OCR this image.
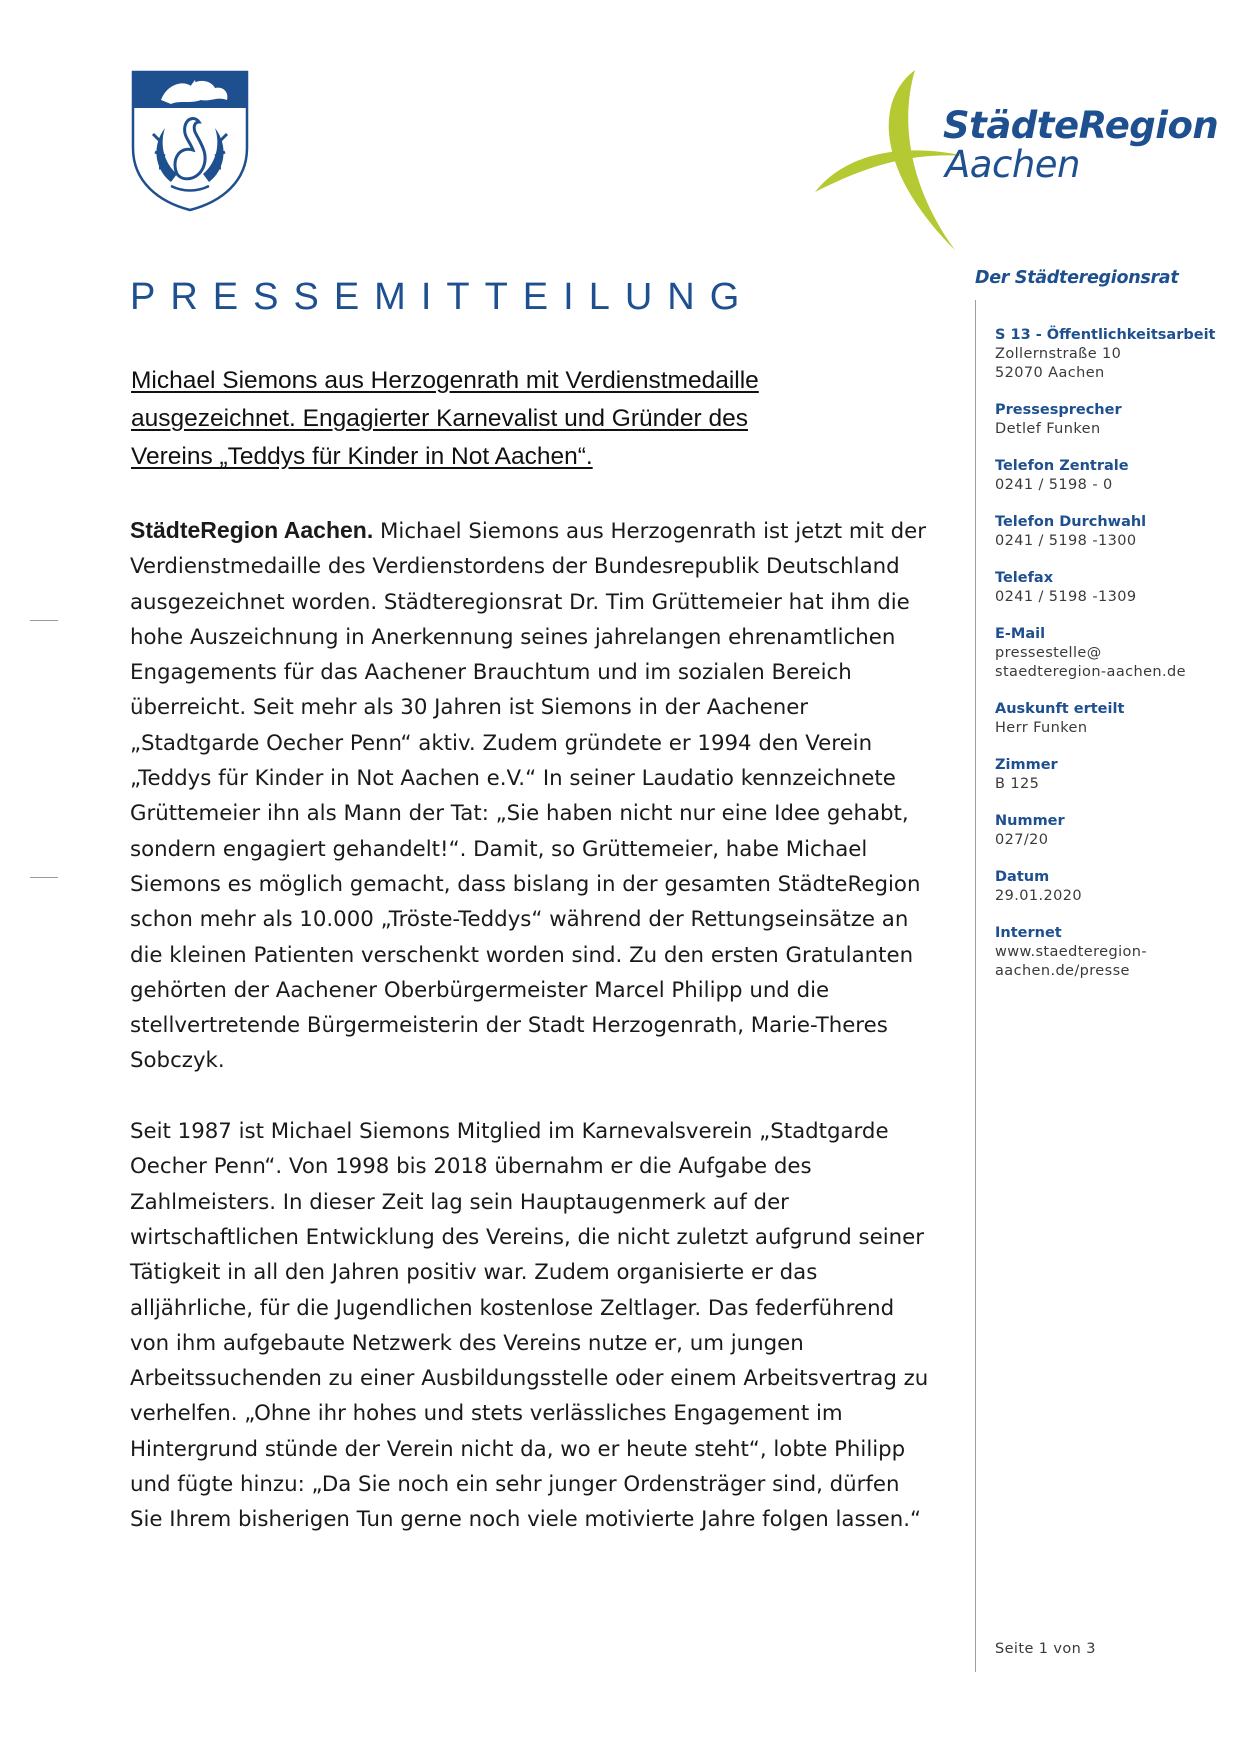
StädteRegion
Aachen
Der Städteregionsrat
PRESSEMITTEILUNG
Michael Siemons aus Herzogenrath mit Verdienstmedaille
ausgezeichnet. Engagierter Karnevalist und Gründer des
Vereins „Teddys für Kinder in Not Aachen“.

StädteRegion Aachen. Michael Siemons aus Herzogenrath ist jetzt mit der Verdienstmedaille des Verdienstordens der Bundesrepublik Deutschland ausgezeichnet worden. Städteregionsrat Dr. Tim Grüttemeier hat ihm die hohe Auszeichnung in Anerkennung seines jahrelangen ehrenamtlichen Engagements für das Aachener Brauchtum und im sozialen Bereich überreicht. Seit mehr als 30 Jahren ist Siemons in der Aachener „Stadtgarde Oecher Penn“ aktiv. Zudem gründete er 1994 den Verein „Teddys für Kinder in Not Aachen e.V.“ In seiner Laudatio kennzeichnete Grüttemeier ihn als Mann der Tat: „Sie haben nicht nur eine Idee gehabt, sondern engagiert gehandelt!“. Damit, so Grüttemeier, habe Michael Siemons es möglich gemacht, dass bislang in der gesamten StädteRegion schon mehr als 10.000 „Tröste-Teddys“ während der Rettungseinsätze an die kleinen Patienten verschenkt worden sind. Zu den ersten Gratulanten gehörten der Aachener Oberbürgermeister Marcel Philipp und die stellvertretende Bürgermeisterin der Stadt Herzogenrath, Marie-Theres Sobczyk.

Seit 1987 ist Michael Siemons Mitglied im Karnevalsverein „Stadtgarde Oecher Penn“. Von 1998 bis 2018 übernahm er die Aufgabe des Zahlmeisters. In dieser Zeit lag sein Hauptaugenmerk auf der wirtschaftlichen Entwicklung des Vereins, die nicht zuletzt aufgrund seiner Tätigkeit in all den Jahren positiv war. Zudem organisierte er das alljährliche, für die Jugendlichen kostenlose Zeltlager. Das federführend von ihm aufgebaute Netzwerk des Vereins nutze er, um jungen Arbeitssuchenden zu einer Ausbildungsstelle oder einem Arbeitsvertrag zu verhelfen. „Ohne ihr hohes und stets verlässliches Engagement im Hintergrund stünde der Verein nicht da, wo er heute steht“, lobte Philipp und fügte hinzu: „Da Sie noch ein sehr junger Ordensträger sind, dürfen Sie Ihrem bisherigen Tun gerne noch viele motivierte Jahre folgen lassen.“

S 13 - Öffentlichkeitsarbeit
Zollernstraße 10
52070 Aachen
Pressesprecher
Detlef Funken
Telefon Zentrale
0241 / 5198 - 0
Telefon Durchwahl
0241 / 5198 -1300
Telefax
0241 / 5198 -1309
E-Mail
pressestelle@
staedteregion-aachen.de
Auskunft erteilt
Herr Funken
Zimmer
B 125
Nummer
027/20
Datum
29.01.2020
Internet
www.staedteregion-
aachen.de/presse
Seite 1 von 3
